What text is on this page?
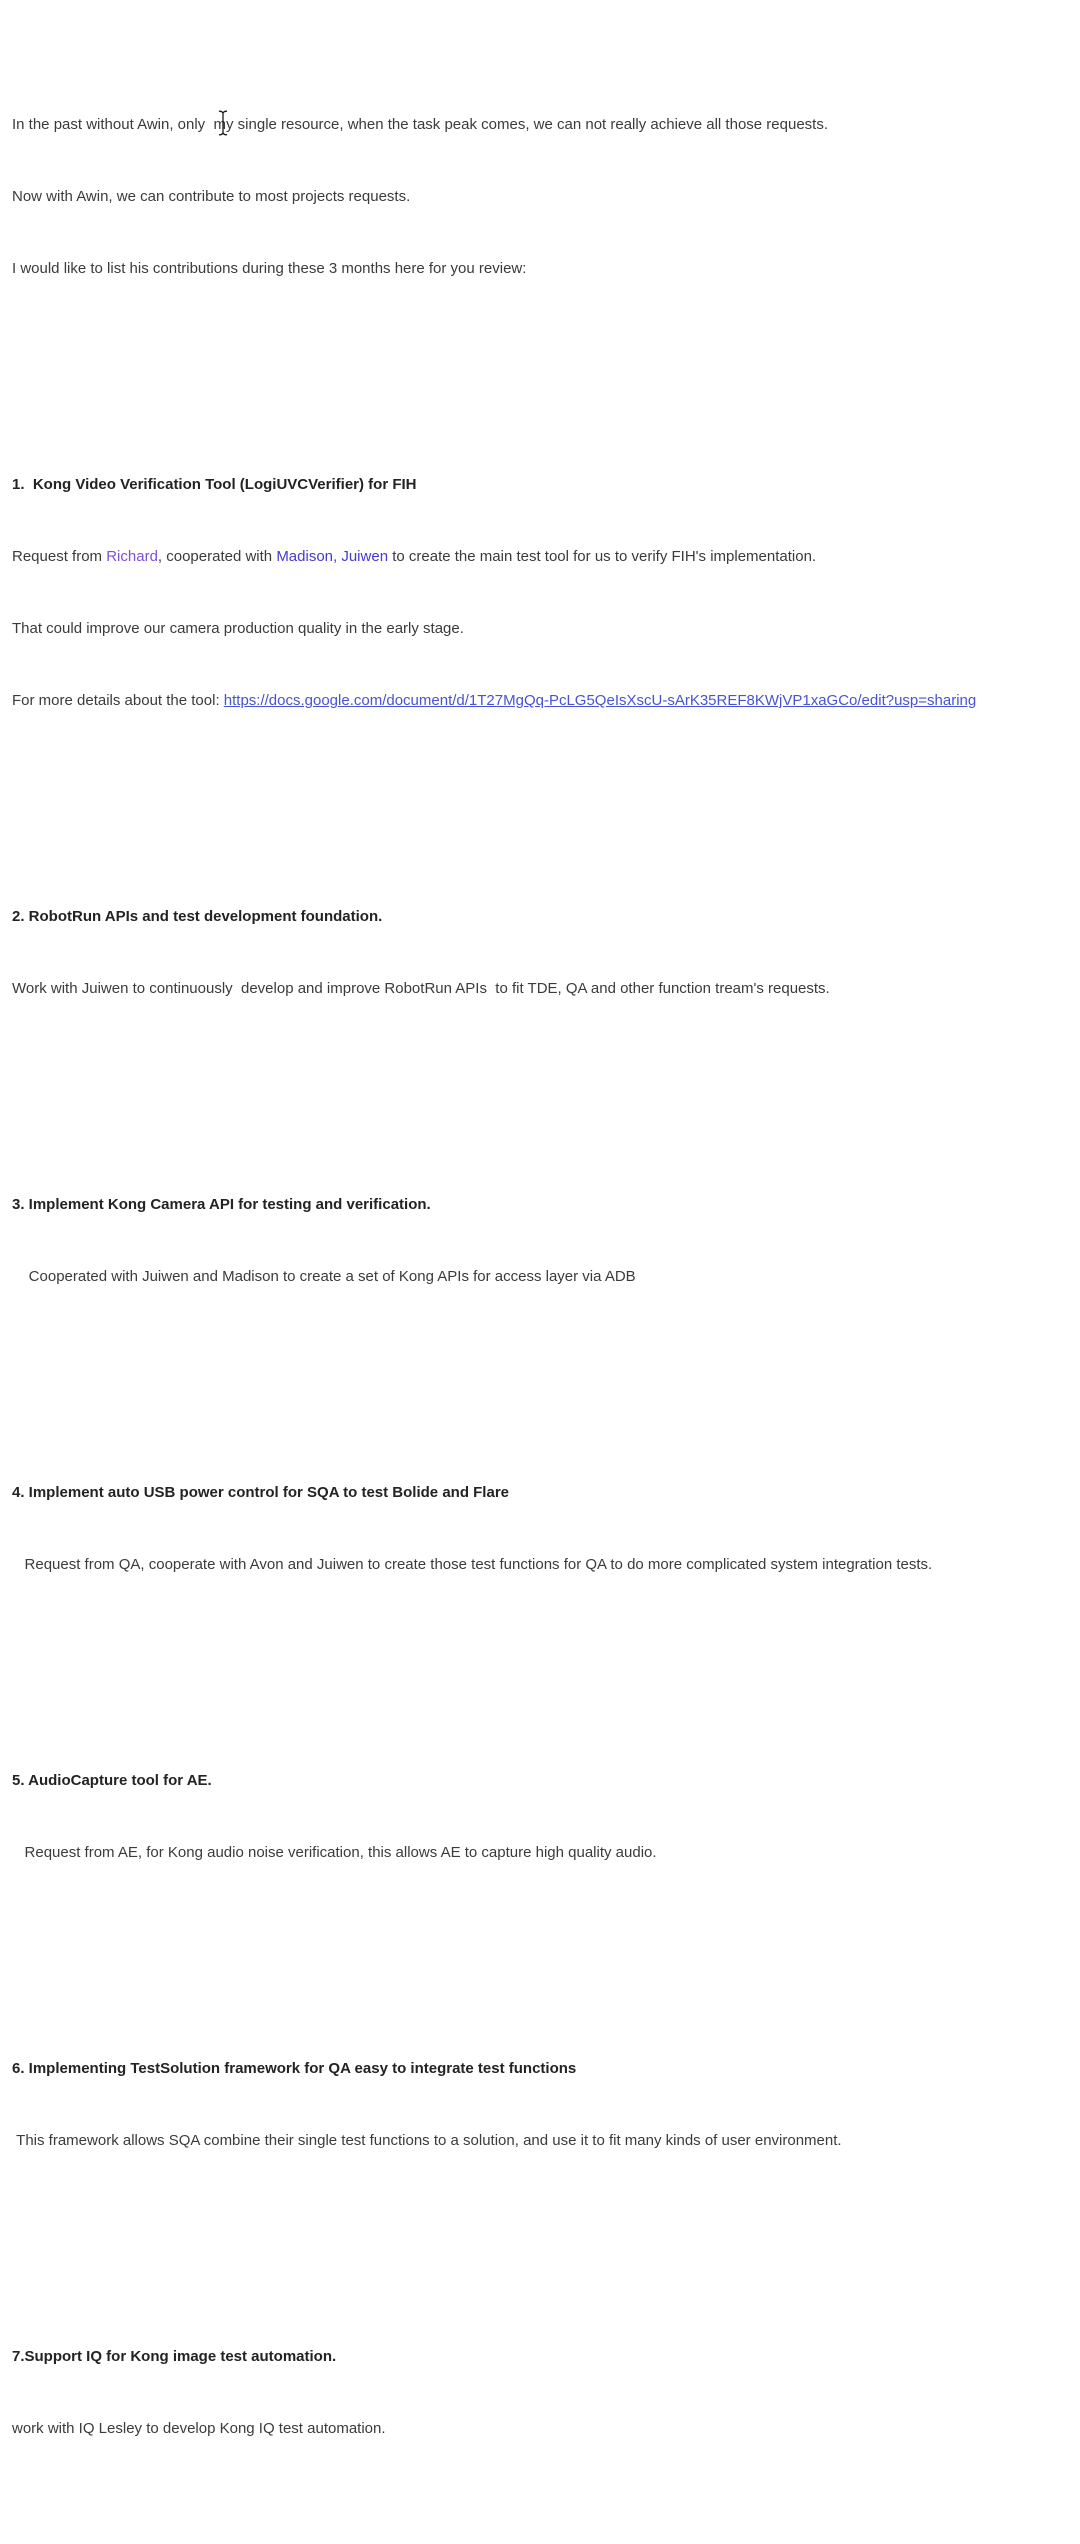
In the past without Awin, only  my single resource, when the task peak comes, we can not really achieve all those requests.

Now with Awin, we can contribute to most projects requests.

I would like to list his contributions during these 3 months here for you review:

1.  Kong Video Verification Tool (LogiUVCVerifier) for FIH

Request from Richard, cooperated with Madison, Juiwen to create the main test tool for us to verify FIH's implementation.

That could improve our camera production quality in the early stage.

For more details about the tool: https://docs.google.com/document/d/1T27MgQq-PcLG5QeIsXscU-sArK35REF8KWjVP1xaGCo/edit?usp=sharing

2. RobotRun APIs and test development foundation.

Work with Juiwen to continuously  develop and improve RobotRun APIs  to fit TDE, QA and other function tream's requests.

3. Implement Kong Camera API for testing and verification.

Cooperated with Juiwen and Madison to create a set of Kong APIs for access layer via ADB

4. Implement auto USB power control for SQA to test Bolide and Flare

Request from QA, cooperate with Avon and Juiwen to create those test functions for QA to do more complicated system integration tests.

5. AudioCapture tool for AE.

Request from AE, for Kong audio noise verification, this allows AE to capture high quality audio.

6. Implementing TestSolution framework for QA easy to integrate test functions

This framework allows SQA combine their single test functions to a solution, and use it to fit many kinds of user environment.

7.Support IQ for Kong image test automation.

work with IQ Lesley to develop Kong IQ test automation.
